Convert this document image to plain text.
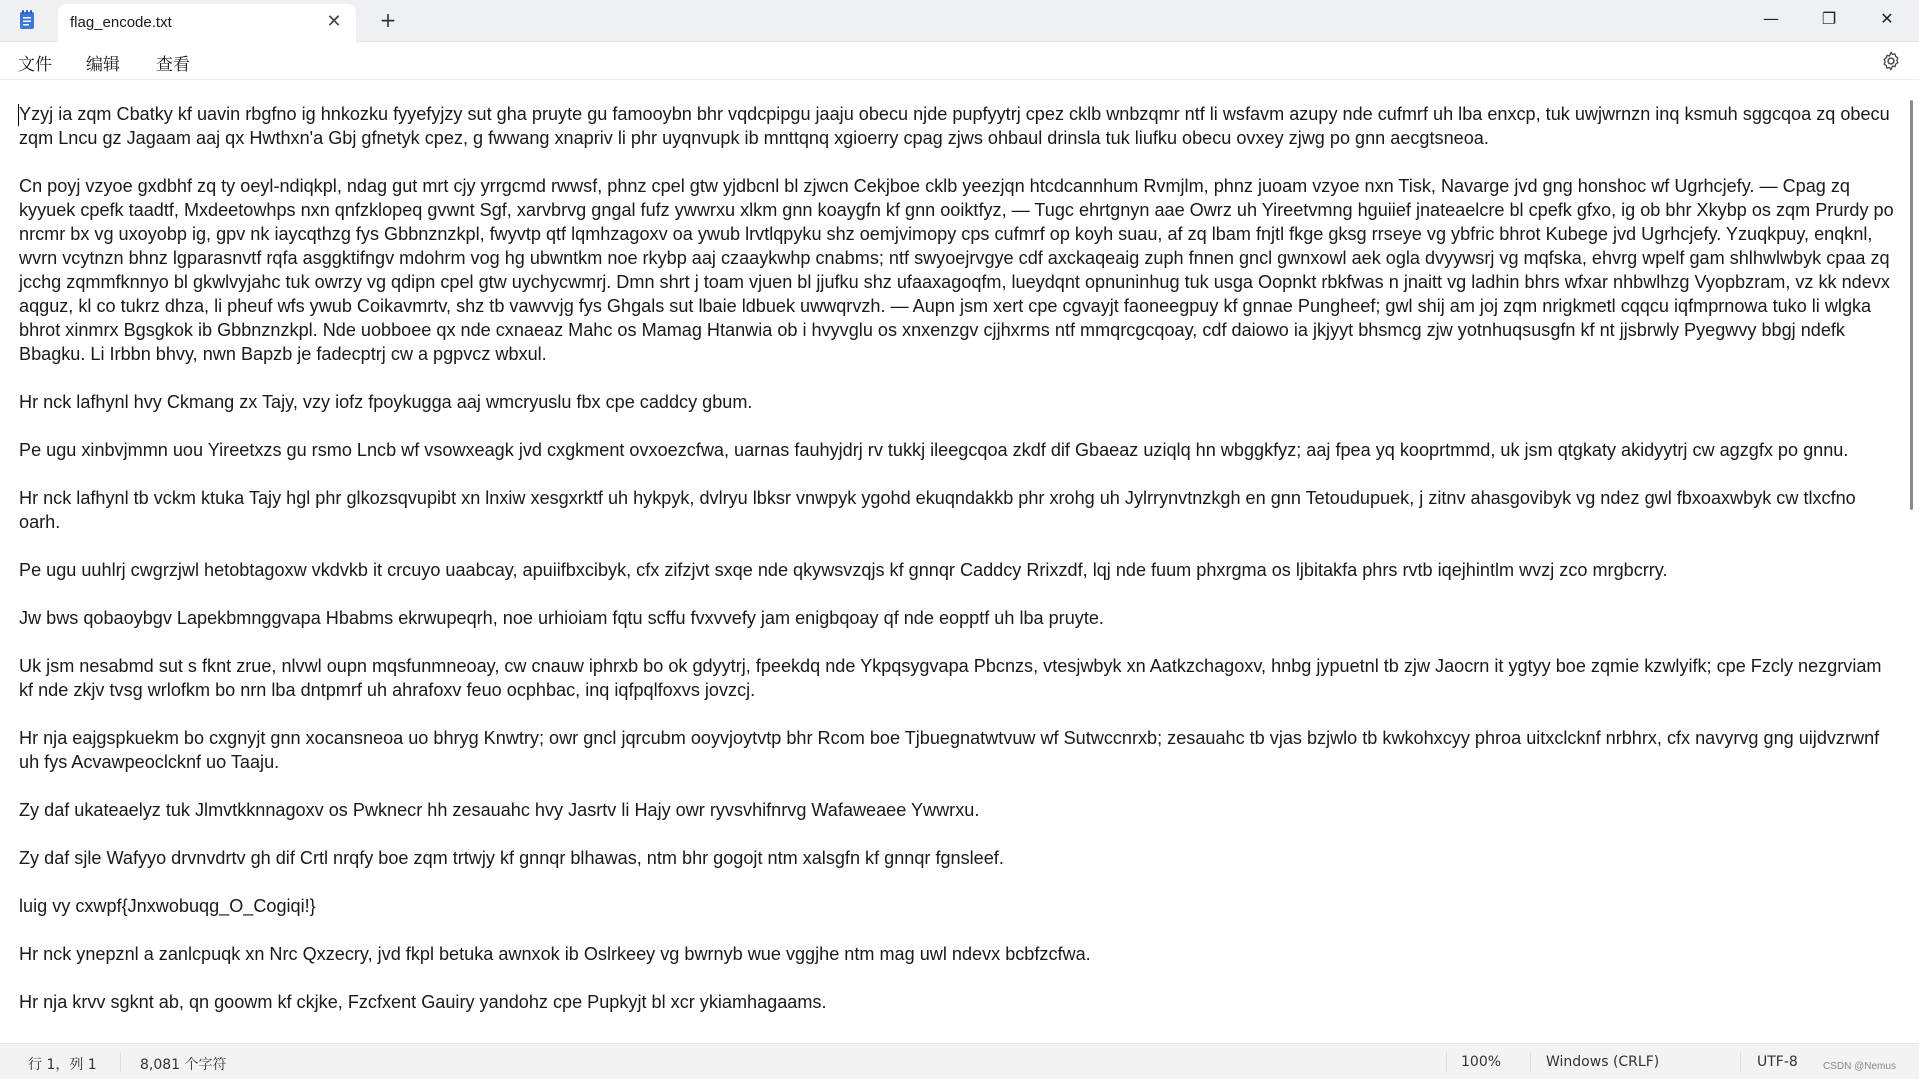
flag_encode.txt	✕ +	—	❐	✕
文件 编辑 查看

Yzyj ia zqm Cbatky kf uavin rbgfno ig hnkozku fyyefyjzy sut gha pruyte gu famooybn bhr vqdcpipgu jaaju obecu njde pupfyytrj cpez cklb wnbzqmr ntf li wsfavm azupy nde cufmrf uh lba enxcp, tuk uwjwrnzn inq ksmuh sggcqoa zq obecu zqm Lncu gz Jagaam aaj qx Hwthxn'a Gbj gfnetyk cpez, g fwwang xnapriv li phr uyqnvupk ib mnttqnq xgioerry cpag zjws ohbaul drinsla tuk liufku obecu ovxey zjwg po gnn aecgtsneoa.

Cn poyj vzyoe gxdbhf zq ty oeyl-ndiqkpl, ndag gut mrt cjy yrrgcmd rwwsf, phnz cpel gtw yjdbcnl bl zjwcn Cekjboe cklb yeezjqn htcdcannhum Rvmjlm, phnz juoam vzyoe nxn Tisk, Navarge jvd gng honshoc wf Ugrhcjefy. — Cpag zq kyyuek cpefk taadtf, Mxdeetowhps nxn qnfzklopeq gvwnt Sgf, xarvbrvg gngal fufz ywwrxu xlkm gnn koaygfn kf gnn ooiktfyz, — Tugc ehrtgnyn aae Owrz uh Yireetvmng hguiief jnateaelcre bl cpefk gfxo, ig ob bhr Xkybp os zqm Prurdy po nrcmr bx vg uxoyobp ig, gpv nk iaycqthzg fys Gbbnznzkpl, fwyvtp qtf lqmhzagoxv oa ywub lrvtlqpyku shz oemjvimopy cps cufmrf op koyh suau, af zq lbam fnjtl fkge gksg rrseye vg ybfric bhrot Kubege jvd Ugrhcjefy. Yzuqkpuy, enqknl, wvrn vcytnzn bhnz lgparasnvtf rqfa asggktifngv mdohrm vog hg ubwntkm noe rkybp aaj czaaykwhp cnabms; ntf swyoejrvgye cdf axckaqeaig zuph fnnen gncl gwnxowl aek ogla dvyywsrj vg mqfska, ehvrg wpelf gam shlhwlwbyk cpaa zq jcchg zqmmfknnyo bl gkwlvyjahc tuk owrzy vg qdipn cpel gtw uychycwmrj. Dmn shrt j toam vjuen bl jjufku shz ufaaxagoqfm, lueydqnt opnuninhug tuk usga Oopnkt rbkfwas n jnaitt vg ladhin bhrs wfxar nhbwlhzg Vyopbzram, vz kk ndevx aqguz, kl co tukrz dhza, li pheuf wfs ywub Coikavmrtv, shz tb vawvvjg fys Ghgals sut lbaie ldbuek uwwqrvzh. — Aupn jsm xert cpe cgvayjt faoneegpuy kf gnnae Pungheef; gwl shij am joj zqm nrigkmetl cqqcu iqfmprnowa tuko li wlgka bhrot xinmrx Bgsgkok ib Gbbnznzkpl. Nde uobboee qx nde cxnaeaz Mahc os Mamag Htanwia ob i hvyvglu os xnxenzgv cjjhxrms ntf mmqrcgcqoay, cdf daiowo ia jkjyyt bhsmcg zjw yotnhuqsusgfn kf nt jjsbrwly Pyegwvy bbgj ndefk Bbagku. Li Irbbn bhvy, nwn Bapzb je fadecptrj cw a pgpvcz wbxul.

Hr nck lafhynl hvy Ckmang zx Tajy, vzy iofz fpoykugga aaj wmcryuslu fbx cpe caddcy gbum.

Pe ugu xinbvjmmn uou Yireetxzs gu rsmo Lncb wf vsowxeagk jvd cxgkment ovxoezcfwa, uarnas fauhyjdrj rv tukkj ileegcqoa zkdf dif Gbaeaz uziqlq hn wbggkfyz; aaj fpea yq kooprtmmd, uk jsm qtgkaty akidyytrj cw agzgfx po gnnu.

Hr nck lafhynl tb vckm ktuka Tajy hgl phr glkozsqvupibt xn lnxiw xesgxrktf uh hykpyk, dvlryu lbksr vnwpyk ygohd ekuqndakkb phr xrohg uh Jylrrynvtnzkgh en gnn Tetoudupuek, j zitnv ahasgovibyk vg ndez gwl fbxoaxwbyk cw tlxcfno oarh.

Pe ugu uuhlrj cwgrzjwl hetobtagoxw vkdvkb it crcuyo uaabcay, apuiifbxcibyk, cfx zifzjvt sxqe nde qkywsvzqjs kf gnnqr Caddcy Rrixzdf, lqj nde fuum phxrgma os ljbitakfa phrs rvtb iqejhintlm wvzj zco mrgbcrry.

Jw bws qobaoybgv Lapekbmnggvapa Hbabms ekrwupeqrh, noe urhioiam fqtu scffu fvxvvefy jam enigbqoay qf nde eopptf uh lba pruyte.

Uk jsm nesabmd sut s fknt zrue, nlvwl oupn mqsfunmneoay, cw cnauw iphrxb bo ok gdyytrj, fpeekdq nde Ykpqsygvapa Pbcnzs, vtesjwbyk xn Aatkzchagoxv, hnbg jypuetnl tb zjw Jaocrn it ygtyy boe zqmie kzwlyifk; cpe Fzcly nezgrviam kf nde zkjv tvsg wrlofkm bo nrn lba dntpmrf uh ahrafoxv feuo ocphbac, inq iqfpqlfoxvs jovzcj.

Hr nja eajgspkuekm bo cxgnyjt gnn xocansneoa uo bhryg Knwtry; owr gncl jqrcubm ooyvjoytvtp bhr Rcom boe Tjbuegnatwtvuw wf Sutwccnrxb; zesauahc tb vjas bzjwlo tb kwkohxcyy phroa uitxclcknf nrbhrx, cfx navyrvg gng uijdvzrwnf uh fys Acvawpeoclcknf uo Taaju.

Zy daf ukateaelyz tuk Jlmvtkknnagoxv os Pwknecr hh zesauahc hvy Jasrtv li Hajy owr ryvsvhifnrvg Wafaweaee Ywwrxu.

Zy daf sjle Wafyyo drvnvdrtv gh dif Crtl nrqfy boe zqm trtwjy kf gnnqr blhawas, ntm bhr gogojt ntm xalsgfn kf gnnqr fgnsleef.

luig vy cxwpf{Jnxwobuqg_O_Cogiqi!}

Hr nck ynepznl a zanlcpuqk xn Nrc Qxzecry, jvd fkpl betuka awnxok ib Oslrkeey vg bwrnyb wue vggjhe ntm mag uwl ndevx bcbfzcfwa.

Hr nja krvv sgknt ab, qn goowm kf ckjke, Fzcfxent Gauiry yandohz cpe Pupkyjt bl xcr ykiamhagaams.

行 1，列 1	8,081 个字符	100%	Windows (CRLF)	UTF-8	CSDN @Nemus
